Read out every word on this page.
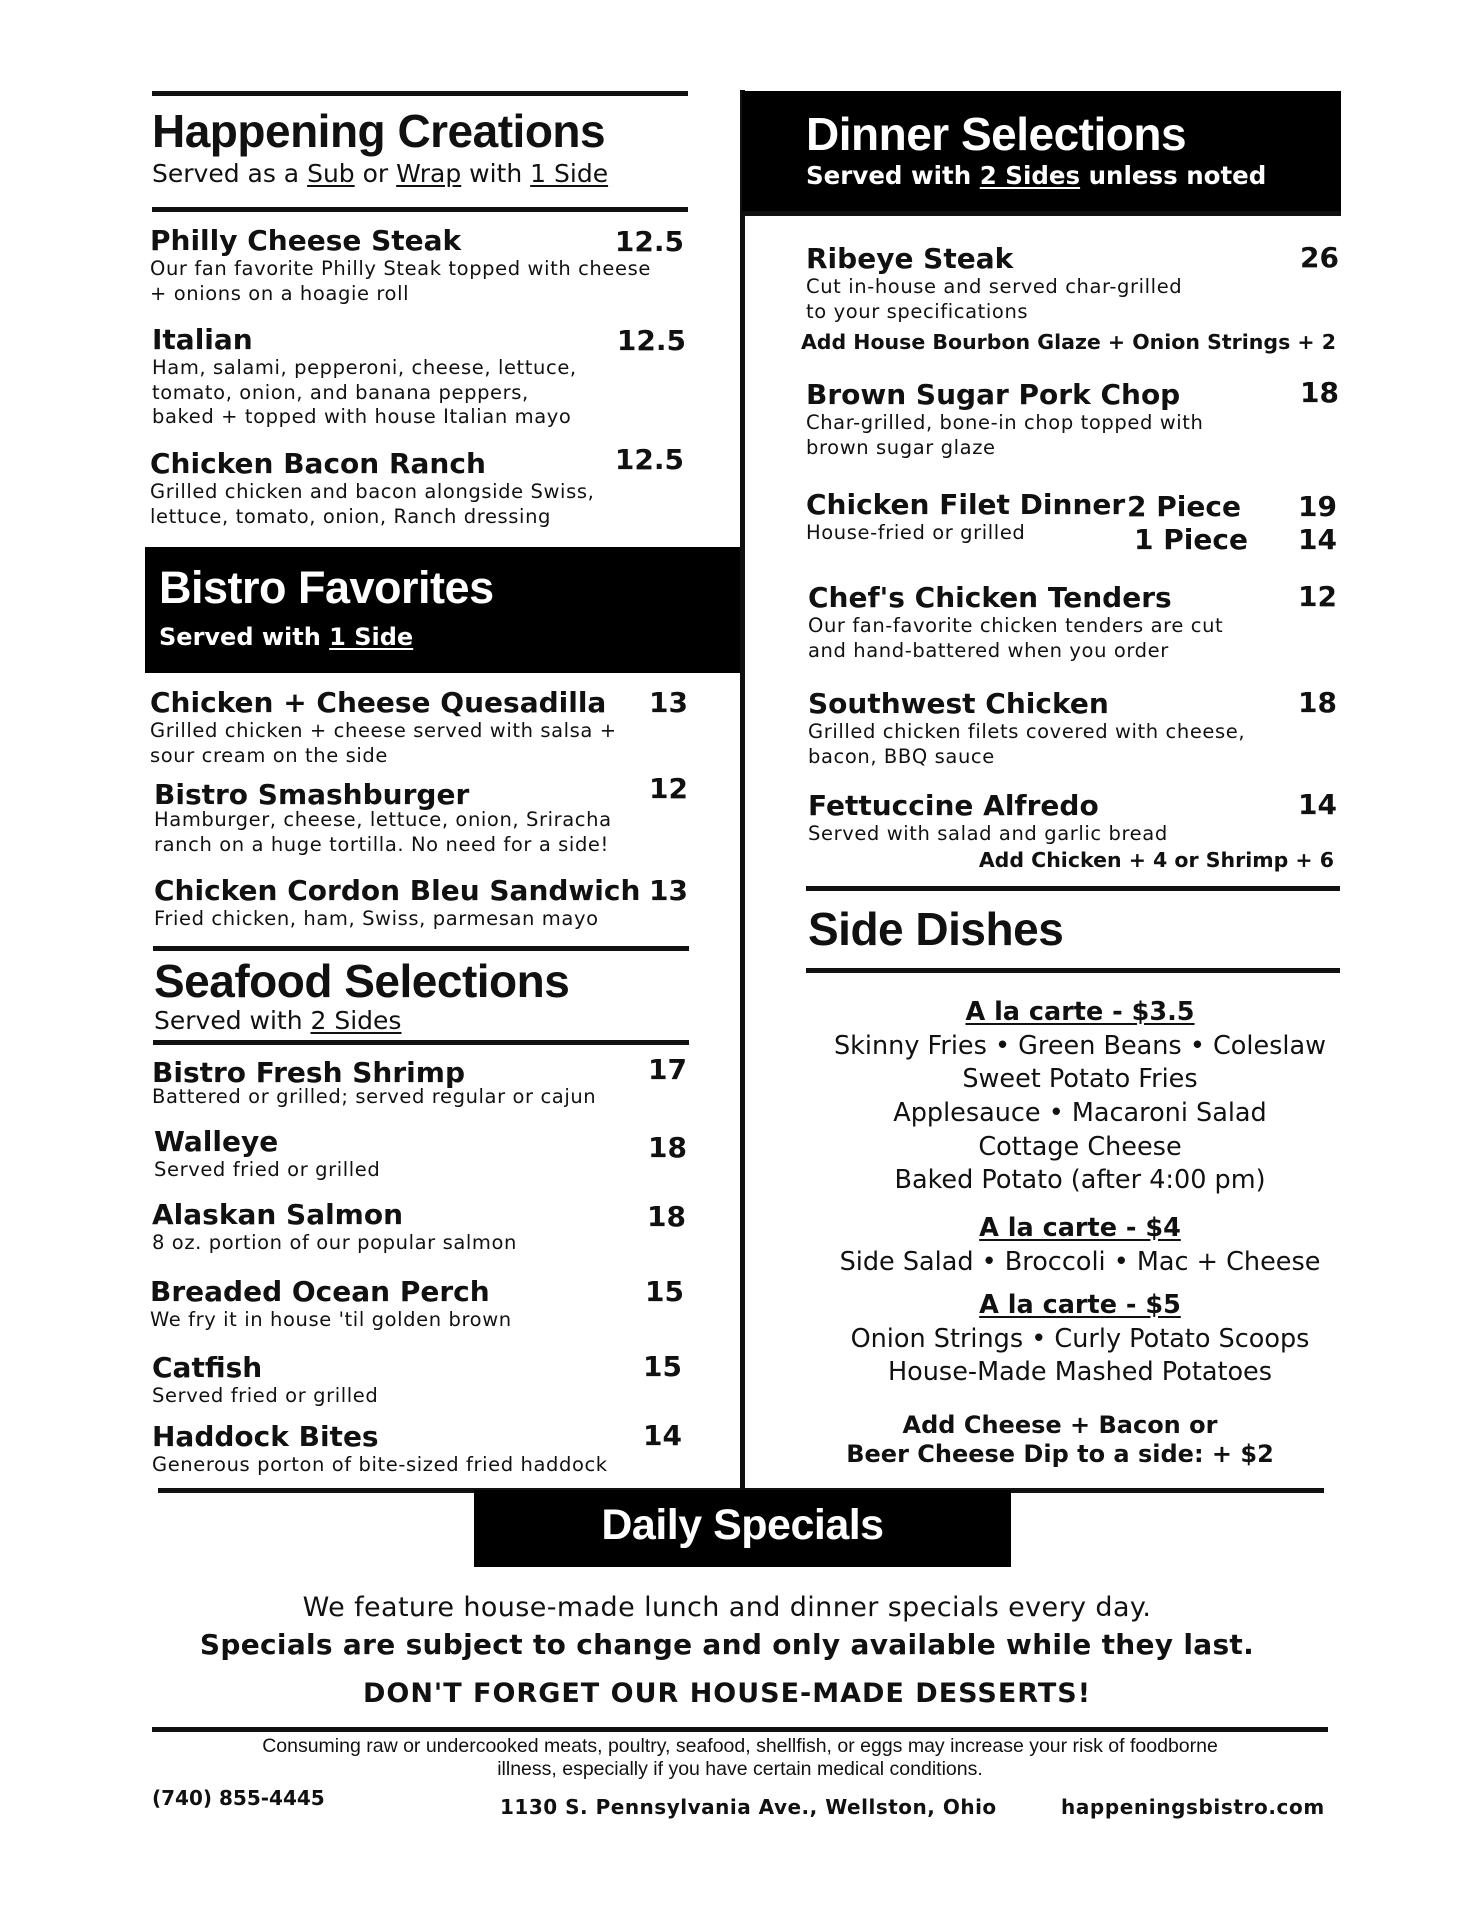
Happening Creations
Served as a Sub or Wrap with 1 Side
Philly Cheese Steak
Our fan favorite Philly Steak topped with cheese
+ onions on a hoagie roll
12.5
Italian
Ham, salami, pepperoni, cheese, lettuce,
tomato, onion, and banana peppers,
baked + topped with house Italian mayo
12.5
Chicken Bacon Ranch
Grilled chicken and bacon alongside Swiss,
lettuce, tomato, onion, Ranch dressing
12.5
Bistro Favorites
Served with 1 Side
Chicken + Cheese Quesadilla
Grilled chicken + cheese served with salsa +
sour cream on the side
13
Bistro Smashburger
Hamburger, cheese, lettuce, onion, Sriracha
ranch on a huge tortilla. No need for a side!
12
Chicken Cordon Bleu Sandwich
Fried chicken, ham, Swiss, parmesan mayo
13
Seafood Selections
Served with 2 Sides
Bistro Fresh Shrimp
Battered or grilled; served regular or cajun
17
Walleye
Served fried or grilled
18
Alaskan Salmon
8 oz. portion of our popular salmon
18
Breaded Ocean Perch
We fry it in house 'til golden brown
15
Catfish
Served fried or grilled
15
Haddock Bites
Generous porton of bite-sized fried haddock
14
Dinner Selections
Served with 2 Sides unless noted
Ribeye Steak
Cut in-house and served char-grilled
to your specifications
26
Add House Bourbon Glaze + Onion Strings + 2
Brown Sugar Pork Chop
Char-grilled, bone-in chop topped with
brown sugar glaze
18
Chicken Filet Dinner
House-fried or grilled
2 Piece
1 Piece
19
14
Chef's Chicken Tenders
Our fan-favorite chicken tenders are cut
and hand-battered when you order
12
Southwest Chicken
Grilled chicken filets covered with cheese,
bacon, BBQ sauce
18
Fettuccine Alfredo
Served with salad and garlic bread
14
Add Chicken + 4 or Shrimp + 6
Side Dishes
A la carte - $3.5
Skinny Fries • Green Beans • Coleslaw
Sweet Potato Fries
Applesauce • Macaroni Salad
Cottage Cheese
Baked Potato (after 4:00 pm)
A la carte - $4
Side Salad • Broccoli • Mac + Cheese
A la carte - $5
Onion Strings • Curly Potato Scoops
House-Made Mashed Potatoes
Add Cheese + Bacon or
Beer Cheese Dip to a side: + $2
Daily Specials
We feature house-made lunch and dinner specials every day.
Specials are subject to change and only available while they last.
DON'T FORGET OUR HOUSE-MADE DESSERTS!
Consuming raw or undercooked meats, poultry, seafood, shellfish, or eggs may increase your risk of foodborne
illness, especially if you have certain medical conditions.
(740) 855-4445	1130 S. Pennsylvania Ave., Wellston, Ohio	happeningsbistro.com
